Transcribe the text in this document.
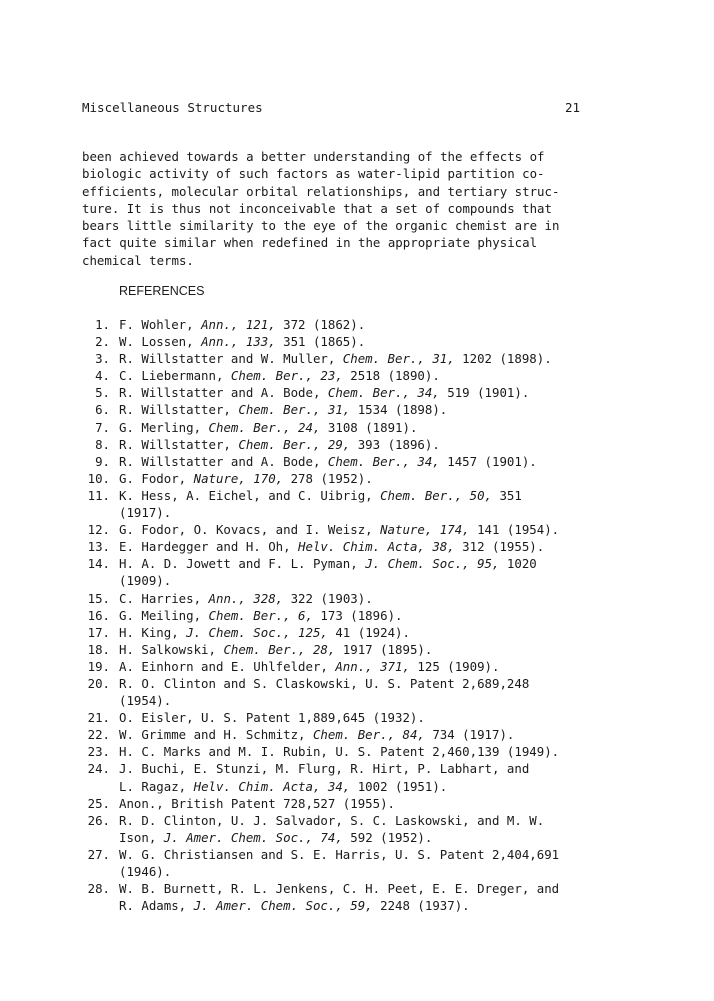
Miscellaneous Structures	21
been achieved towards a better understanding of the effects of
biologic activity of such factors as water-lipid partition co-
efficients, molecular orbital relationships, and tertiary struc-
ture. It is thus not inconceivable that a set of compounds that
bears little similarity to the eye of the organic chemist are in
fact quite similar when redefined in the appropriate physical
chemical terms.
REFERENCES
1. F. Wohler, Ann., 121, 372 (1862).
2. W. Lossen, Ann., 133, 351 (1865).
3. R. Willstatter and W. Muller, Chem. Ber., 31, 1202 (1898).
4. C. Liebermann, Chem. Ber., 23, 2518 (1890).
5. R. Willstatter and A. Bode, Chem. Ber., 34, 519 (1901).
6. R. Willstatter, Chem. Ber., 31, 1534 (1898).
7. G. Merling, Chem. Ber., 24, 3108 (1891).
8. R. Willstatter, Chem. Ber., 29, 393 (1896).
9. R. Willstatter and A. Bode, Chem. Ber., 34, 1457 (1901).
10. G. Fodor, Nature, 170, 278 (1952).
11. K. Hess, A. Eichel, and C. Uibrig, Chem. Ber., 50, 351
(1917).
12. G. Fodor, O. Kovacs, and I. Weisz, Nature, 174, 141 (1954).
13. E. Hardegger and H. Oh, Helv. Chim. Acta, 38, 312 (1955).
14. H. A. D. Jowett and F. L. Pyman, J. Chem. Soc., 95, 1020
(1909).
15. C. Harries, Ann., 328, 322 (1903).
16. G. Meiling, Chem. Ber., 6, 173 (1896).
17. H. King, J. Chem. Soc., 125, 41 (1924).
18. H. Salkowski, Chem. Ber., 28, 1917 (1895).
19. A. Einhorn and E. Uhlfelder, Ann., 371, 125 (1909).
20. R. O. Clinton and S. Claskowski, U. S. Patent 2,689,248
(1954).
21. O. Eisler, U. S. Patent 1,889,645 (1932).
22. W. Grimme and H. Schmitz, Chem. Ber., 84, 734 (1917).
23. H. C. Marks and M. I. Rubin, U. S. Patent 2,460,139 (1949).
24. J. Buchi, E. Stunzi, M. Flurg, R. Hirt, P. Labhart, and
L. Ragaz, Helv. Chim. Acta, 34, 1002 (1951).
25. Anon., British Patent 728,527 (1955).
26. R. D. Clinton, U. J. Salvador, S. C. Laskowski, and M. W.
Ison, J. Amer. Chem. Soc., 74, 592 (1952).
27. W. G. Christiansen and S. E. Harris, U. S. Patent 2,404,691
(1946).
28. W. B. Burnett, R. L. Jenkens, C. H. Peet, E. E. Dreger, and
R. Adams, J. Amer. Chem. Soc., 59, 2248 (1937).
